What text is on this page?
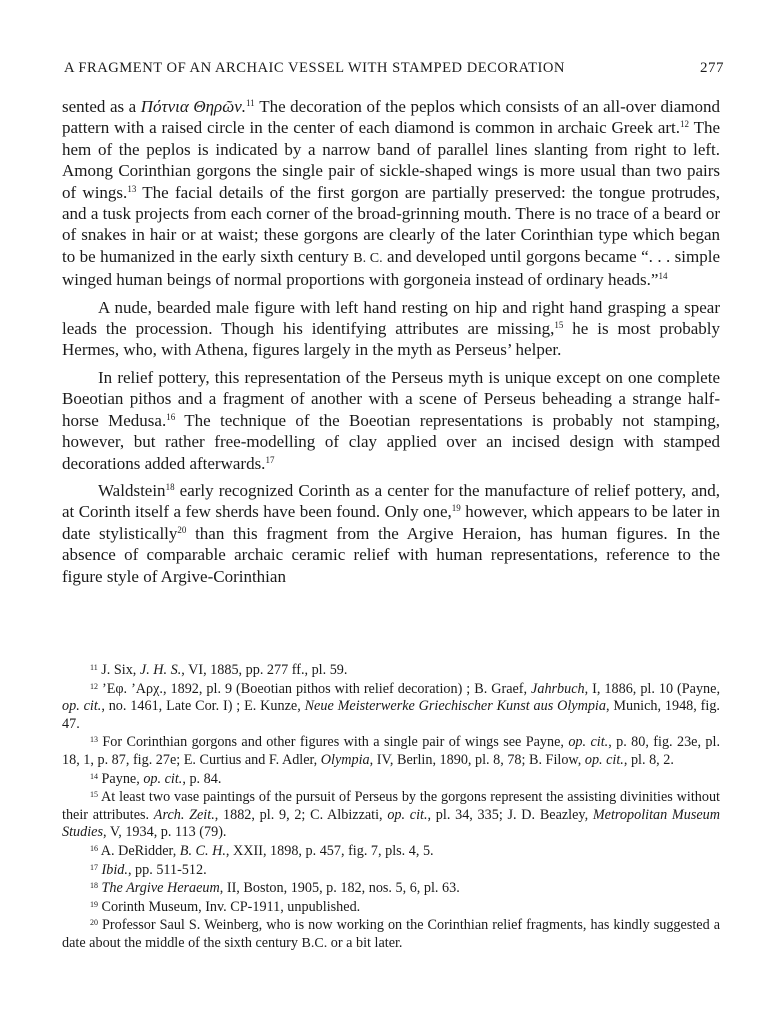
A FRAGMENT OF AN ARCHAIC VESSEL WITH STAMPED DECORATION	277

sented as a Πότνια Θηρῶν.$^{11}$ The decoration of the peplos which consists of an all-over diamond pattern with a raised circle in the center of each diamond is common in archaic Greek art.$^{12}$ The hem of the peplos is indicated by a narrow band of parallel lines slanting from right to left. Among Corinthian gorgons the single pair of sickle-shaped wings is more usual than two pairs of wings.$^{13}$ The facial details of the first gorgon are partially preserved: the tongue protrudes, and a tusk projects from each corner of the broad-grinning mouth. There is no trace of a beard or of snakes in hair or at waist; these gorgons are clearly of the later Corinthian type which began to be humanized in the early sixth century B. C. and developed until gorgons became “. . . simple winged human beings of normal proportions with gorgoneia instead of ordinary heads.”$^{14}$

A nude, bearded male figure with left hand resting on hip and right hand grasping a spear leads the procession. Though his identifying attributes are missing,$^{15}$ he is most probably Hermes, who, with Athena, figures largely in the myth as Perseus’ helper.

In relief pottery, this representation of the Perseus myth is unique except on one complete Boeotian pithos and a fragment of another with a scene of Perseus beheading a strange half-horse Medusa.$^{16}$ The technique of the Boeotian representations is probably not stamping, however, but rather free-modelling of clay applied over an incised design with stamped decorations added afterwards.$^{17}$

Waldstein$^{18}$ early recognized Corinth as a center for the manufacture of relief pottery, and, at Corinth itself a few sherds have been found. Only one,$^{19}$ however, which appears to be later in date stylistically$^{20}$ than this fragment from the Argive Heraion, has human figures. In the absence of comparable archaic ceramic relief with human representations, reference to the figure style of Argive-Corinthian

$^{11}$ J. Six, J. H. S., VI, 1885, pp. 277 ff., pl. 59.
$^{12}$ ’Εφ. ’Αρχ., 1892, pl. 9 (Boeotian pithos with relief decoration) ; B. Graef, Jahrbuch, I, 1886, pl. 10 (Payne, op. cit., no. 1461, Late Cor. I) ; E. Kunze, Neue Meisterwerke Griechischer Kunst aus Olympia, Munich, 1948, fig. 47.
$^{13}$ For Corinthian gorgons and other figures with a single pair of wings see Payne, op. cit., p. 80, fig. 23e, pl. 18, 1, p. 87, fig. 27e; E. Curtius and F. Adler, Olympia, IV, Berlin, 1890, pl. 8, 78; B. Filow, op. cit., pl. 8, 2.
$^{14}$ Payne, op. cit., p. 84.
$^{15}$ At least two vase paintings of the pursuit of Perseus by the gorgons represent the assisting divinities without their attributes. Arch. Zeit., 1882, pl. 9, 2; C. Albizzati, op. cit., pl. 34, 335; J. D. Beazley, Metropolitan Museum Studies, V, 1934, p. 113 (79).
$^{16}$ A. DeRidder, B. C. H., XXII, 1898, p. 457, fig. 7, pls. 4, 5.
$^{17}$ Ibid., pp. 511-512.
$^{18}$ The Argive Heraeum, II, Boston, 1905, p. 182, nos. 5, 6, pl. 63.
$^{19}$ Corinth Museum, Inv. CP-1911, unpublished.
$^{20}$ Professor Saul S. Weinberg, who is now working on the Corinthian relief fragments, has kindly suggested a date about the middle of the sixth century B.C. or a bit later.
